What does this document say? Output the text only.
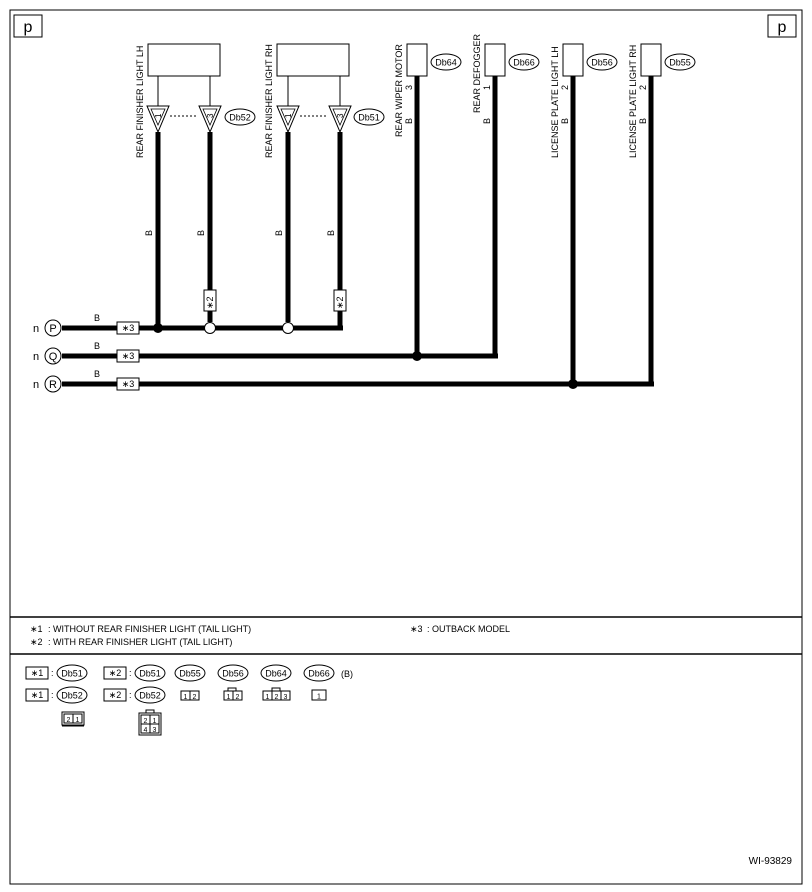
p	p
REAR FINISHER LIGHT LH	REAR FINISHER LIGHT RH	REAR WIPER MOTOR	REAR DEFOGGER	LICENSE PLATE LIGHT LH	LICENSE PLATE LIGHT RH
B
3
B
1
B
2
B
2
1	3	1	3
Db52	Db51
Db64	Db66	Db56	Db55
B	B	B	B
∗2	∗2
n P
B
∗3
n Q
B
∗3
n R
B
∗3
∗1 : WITHOUT REAR FINISHER LIGHT (TAIL LIGHT)
∗2 : WITH REAR FINISHER LIGHT (TAIL LIGHT)
∗3 : OUTBACK MODEL
∗1 : Db51	∗2 : Db51 Db55 Db56 Db64 Db66 (B)
∗1 : Db52	∗2 : Db52	1 2	1 2	1 2 3	1
2 1	2 1
4 3
WI-93829
